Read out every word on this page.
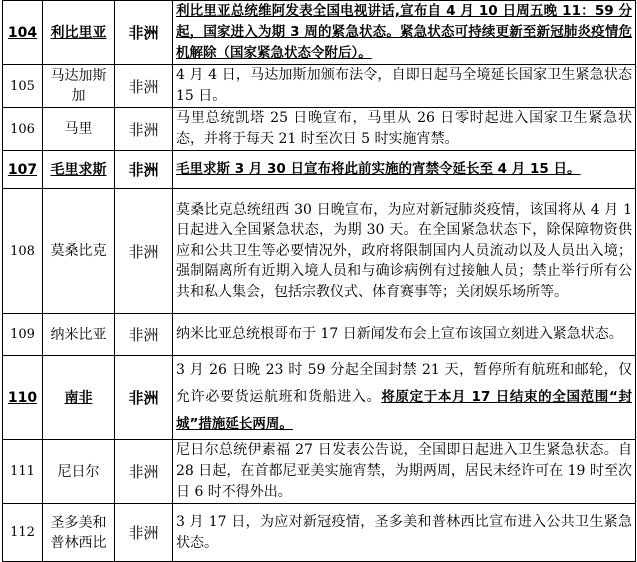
104	利比里亚	非洲	利比里亚总统维阿发表全国电视讲话,宣布自 4 月 10 日周五晚 11：59 分起，国家进入为期 3 周的紧急状态。紧急状态可持续更新至新冠肺炎疫情危机解除（国家紧急状态令附后）。
105	马达加斯加	非洲	4 月 4 日，马达加斯加颁布法令，自即日起马全境延长国家卫生紧急状态 15 日。
106	马里	非洲	马里总统凯塔 25 日晚宣布，马里从 26 日零时起进入国家卫生紧急状态，并将于每天 21 时至次日 5 时实施宵禁。
107	毛里求斯	非洲	毛里求斯 3 月 30 日宣布将此前实施的宵禁令延长至 4 月 15 日。
108	莫桑比克	非洲	莫桑比克总统纽西 30 日晚宣布，为应对新冠肺炎疫情，该国将从 4 月 1 日起进入全国紧急状态，为期 30 天。在全国紧急状态下，除保障物资供应和公共卫生等必要情况外，政府将限制国内人员流动以及人员出入境；强制隔离所有近期入境人员和与确诊病例有过接触人员；禁止举行所有公共和私人集会，包括宗教仪式、体育赛事等；关闭娱乐场所等。
109	纳米比亚	非洲	纳米比亚总统根哥布于 17 日新闻发布会上宣布该国立刻进入紧急状态。
110	南非	非洲	3 月 26 日晚 23 时 59 分起全国封禁 21 天，暂停所有航班和邮轮，仅允许必要货运航班和货船进入。将原定于本月 17 日结束的全国范围“封城”措施延长两周。
111	尼日尔	非洲	尼日尔总统伊素福 27 日发表公告说，全国即日起进入卫生紧急状态。自 28 日起，在首都尼亚美实施宵禁，为期两周，居民未经许可在 19 时至次日 6 时不得外出。
112	圣多美和普林西比	非洲	3 月 17 日，为应对新冠疫情，圣多美和普林西比宣布进入公共卫生紧急状态。
